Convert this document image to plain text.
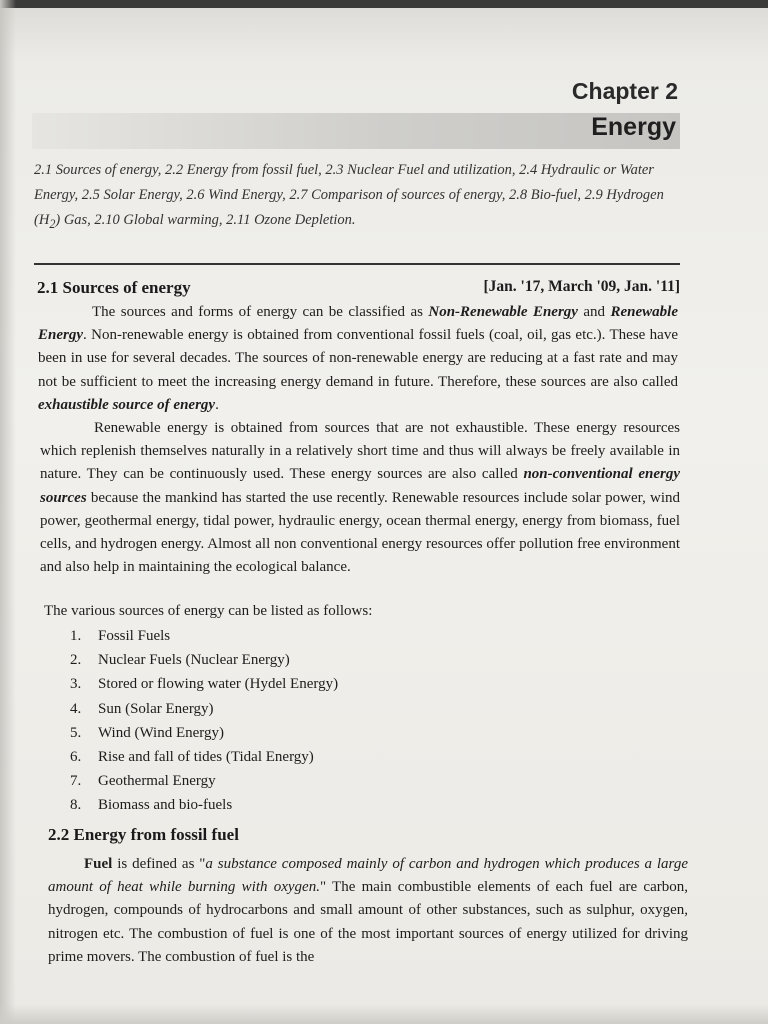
Chapter 2
Energy
2.1 Sources of energy, 2.2 Energy from fossil fuel, 2.3 Nuclear Fuel and utilization, 2.4 Hydraulic or Water Energy, 2.5 Solar Energy, 2.6 Wind Energy, 2.7 Comparison of sources of energy, 2.8 Bio-fuel, 2.9 Hydrogen $(H_2)$ Gas, 2.10 Global warming, 2.11 Ozone Depletion.
2.1 Sources of energy	[Jan. '17, March '09, Jan. '11]
The sources and forms of energy can be classified as Non-Renewable Energy and Renewable Energy. Non-renewable energy is obtained from conventional fossil fuels (coal, oil, gas etc.). These have been in use for several decades. The sources of non-renewable energy are reducing at a fast rate and may not be sufficient to meet the increasing energy demand in future. Therefore, these sources are also called exhaustible source of energy.
Renewable energy is obtained from sources that are not exhaustible. These energy resources which replenish themselves naturally in a relatively short time and thus will always be freely available in nature. They can be continuously used. These energy sources are also called non-conventional energy sources because the mankind has started the use recently. Renewable resources include solar power, wind power, geothermal energy, tidal power, hydraulic energy, ocean thermal energy, energy from biomass, fuel cells, and hydrogen energy. Almost all non conventional energy resources offer pollution free environment and also help in maintaining the ecological balance.
The various sources of energy can be listed as follows:
1.	Fossil Fuels
2.	Nuclear Fuels (Nuclear Energy)
3.	Stored or flowing water (Hydel Energy)
4.	Sun (Solar Energy)
5.	Wind (Wind Energy)
6.	Rise and fall of tides (Tidal Energy)
7.	Geothermal Energy
8.	Biomass and bio-fuels
2.2 Energy from fossil fuel
Fuel is defined as "a substance composed mainly of carbon and hydrogen which produces a large amount of heat while burning with oxygen." The main combustible elements of each fuel are carbon, hydrogen, compounds of hydrocarbons and small amount of other substances, such as sulphur, oxygen, nitrogen etc. The combustion of fuel is one of the most important sources of energy utilized for driving prime movers. The combustion of fuel is the
